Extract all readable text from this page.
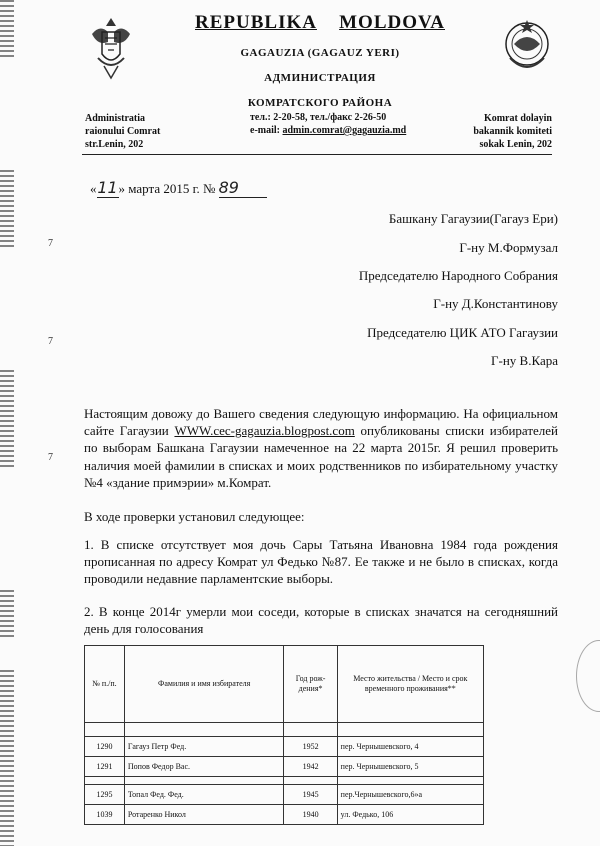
REPUBLIKA MOLDOVA
GAGAUZIA (GAGAUZ YERI)
АДМИНИСТРАЦИЯ
КОМРАТСКОГО РАЙОНА
тел.: 2-20-58, тел./факс 2-26-50
e-mail: admin.comrat@gagauzia.md
Administratia
raionului Comrat
str.Lenin, 202
Komrat dolayin
bakannik komiteti
sokak Lenin, 202
«11» марта 2015 г. № 89
Башкану Гагаузии(Гагауз Ери)
Г-ну М.Формузал
Председателю Народного Собрания
Г-ну Д.Константинову
Председателю ЦИК АТО Гагаузии
Г-ну В.Кара
Настоящим довожу до Вашего сведения следующую информацию. На официальном сайте Гагаузии WWW.cec-gagauzia.blogpost.com опубликованы списки избирателей по выборам Башкана Гагаузии намеченное на 22 марта 2015г. Я решил проверить наличия моей фамилии в списках и моих родственников по избирательному участку №4 «здание примэрии» м.Комрат.
В ходе проверки установил следующее:
1. В списке отсутствует моя дочь Сары Татьяна Ивановна 1984 года рождения прописанная по адресу Комрат ул Федько №87. Ее также и не было в списках, когда проводили недавние парламентские выборы.
2. В конце 2014г умерли мои соседи, которые в списках значатся на сегодняшний день для голосования
№ п./п.	Фамилия и имя избирателя	Год рож-дения*	Место жительства / Место и срок временного проживания**

1290	Гагауз Петр Фед.	1952	пер. Чернышевского, 4
1291	Попов Федор Вас.	1942	пер. Чернышевского, 5

1295	Топал Фед. Фед.	1945	пер.Чернышевского,6»а
1039	Ротаренко Никол	1940	ул. Федько, 106
7
7
7
